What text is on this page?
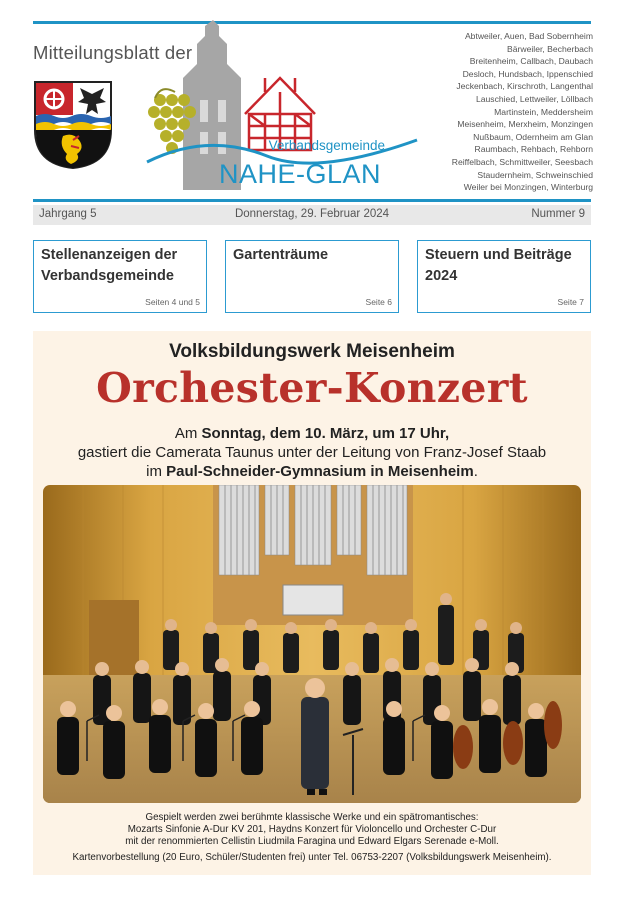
Mitteilungsblatt der
Verbandsgemeinde
NAHE-GLAN
Abtweiler, Auen, Bad Sobernheim
Bärweiler, Becherbach
Breitenheim, Callbach, Daubach
Desloch, Hundsbach, Ippenschied
Jeckenbach, Kirschroth, Langenthal
Lauschied, Lettweiler, Löllbach
Martinstein, Meddersheim
Meisenheim, Merxheim, Monzingen
Nußbaum, Odernheim am Glan
Raumbach, Rehbach, Rehborn
Reiffelbach, Schmittweiler, Seesbach
Staudernheim, Schweinschied
Weiler bei Monzingen, Winterburg
Jahrgang 5	Donnerstag, 29. Februar 2024	Nummer 9
Stellenanzeigen der Verbandsgemeinde
Seiten 4 und 5
Gartenträume
Seite 6
Steuern und Beiträge 2024
Seite 7
Volksbildungswerk Meisenheim
Orchester-Konzert
Am Sonntag, dem 10. März, um 17 Uhr,
gastiert die Camerata Taunus unter der Leitung von Franz-Josef Staab
im Paul-Schneider-Gymnasium in Meisenheim.
Gespielt werden zwei berühmte klassische Werke und ein spätromantisches:
Mozarts Sinfonie A-Dur KV 201, Haydns Konzert für Violoncello und Orchester C-Dur
mit der renommierten Cellistin Liudmila Faragina und Edward Elgars Serenade e-Moll.
Kartenvorbestellung (20 Euro, Schüler/Studenten frei) unter Tel. 06753-2207 (Volksbildungswerk Meisenheim).
